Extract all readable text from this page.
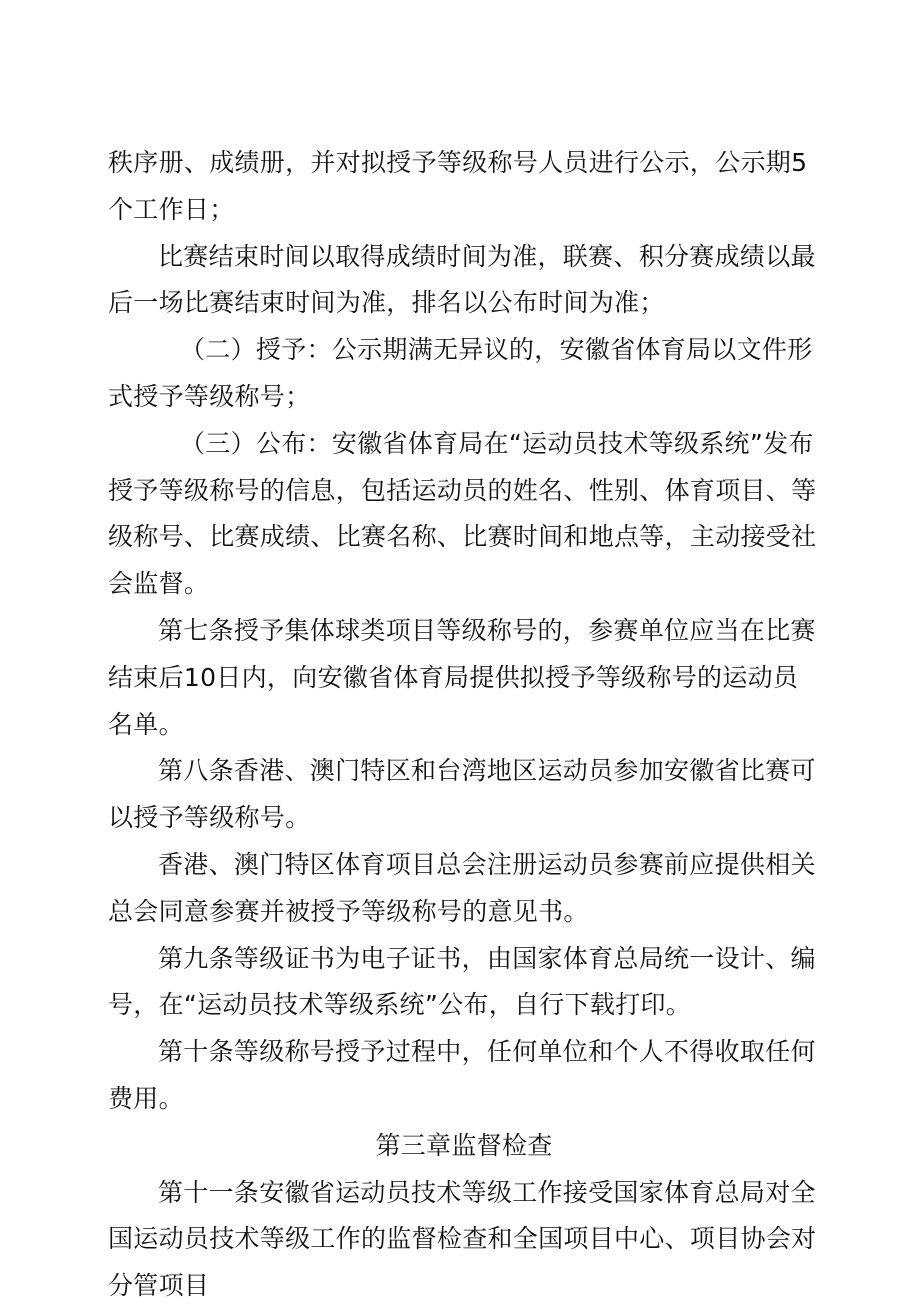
秩序册、成绩册，并对拟授予等级称号人员进行公示，公示期5个工作日；

比赛结束时间以取得成绩时间为准，联赛、积分赛成绩以最后一场比赛结束时间为准，排名以公布时间为准；

（二）授予：公示期满无异议的，安徽省体育局以文件形式授予等级称号；

（三）公布：安徽省体育局在“运动员技术等级系统”发布授予等级称号的信息，包括运动员的姓名、性别、体育项目、等级称号、比赛成绩、比赛名称、比赛时间和地点等，主动接受社会监督。

第七条授予集体球类项目等级称号的，参赛单位应当在比赛结束后10日内，向安徽省体育局提供拟授予等级称号的运动员名单。

第八条香港、澳门特区和台湾地区运动员参加安徽省比赛可以授予等级称号。

香港、澳门特区体育项目总会注册运动员参赛前应提供相关总会同意参赛并被授予等级称号的意见书。

第九条等级证书为电子证书，由国家体育总局统一设计、编号，在“运动员技术等级系统”公布，自行下载打印。

第十条等级称号授予过程中，任何单位和个人不得收取任何费用。

第三章监督检查

第十一条安徽省运动员技术等级工作接受国家体育总局对全国运动员技术等级工作的监督检查和全国项目中心、项目协会对分管项目
